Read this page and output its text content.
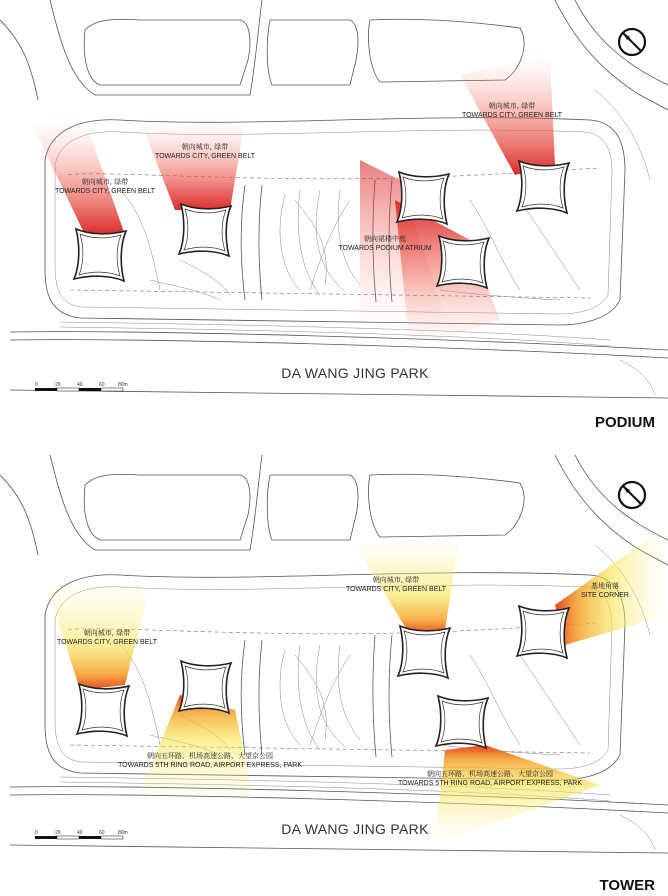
朝向城市, 绿带
TOWARDS CITY, GREEN BELT
朝向城市, 绿带
TOWARDS CITY, GREEN BELT
朝向城市, 绿带
TOWARDS CITY, GREEN BELT
朝向裙楼中庭
TOWARDS PODIUM ATRIUM
DA WANG JING PARK
0	20	40	60	80m
PODIUM
朝向城市, 绿带
TOWARDS CITY, GREEN BELT
朝向城市, 绿带
TOWARDS CITY, GREEN BELT	基地角落
SITE CORNER
朝向五环路、机场高速公路、大望京公园
TOWARDS 5TH RING ROAD, AIRPORT EXPRESS, PARK
朝向五环路、机场高速公路、大望京公园
TOWARDS 5TH RING ROAD, AIRPORT EXPRESS, PARK
DA WANG JING PARK
0	20	40	60	80m
TOWER
